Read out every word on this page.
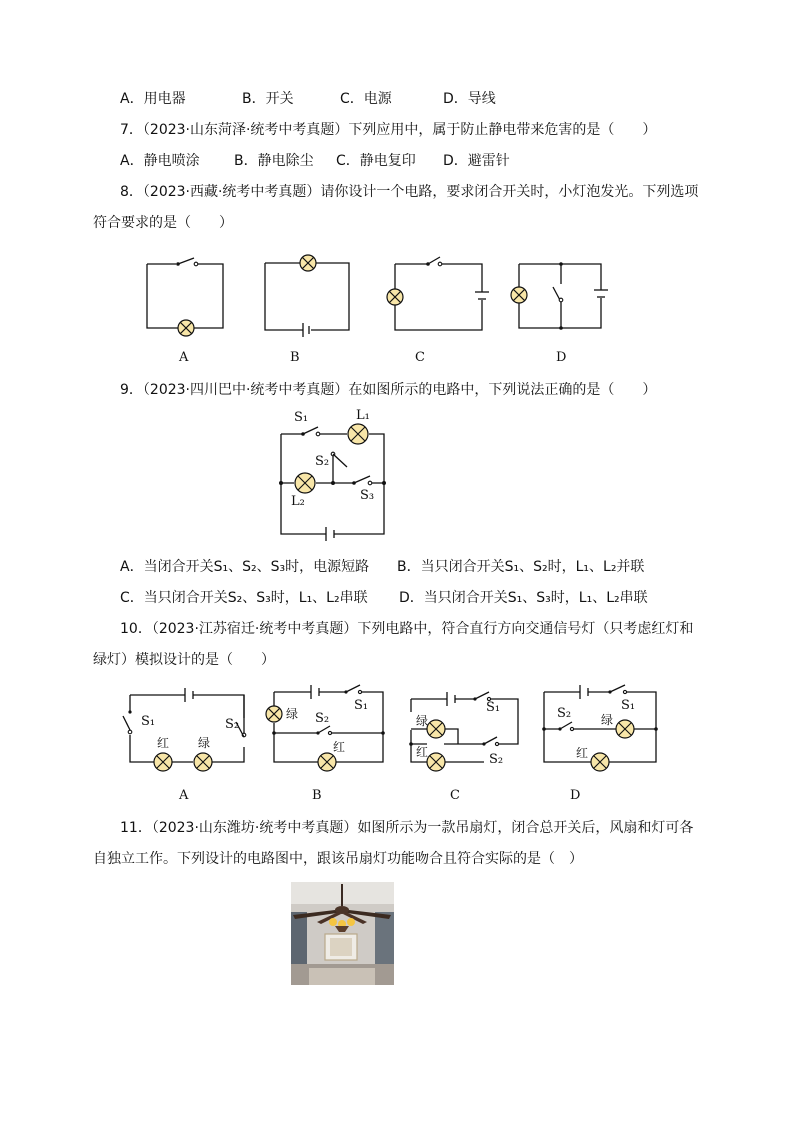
A．用电器	B．开关	C．电源	D．导线
7．（2023·山东菏泽·统考中考真题）下列应用中，属于防止静电带来危害的是（　　）
A．静电喷涂 B．静电除尘 C．静电复印 D．避雷针
8．（2023·西藏·统考中考真题）请你设计一个电路，要求闭合开关时，小灯泡发光。下列选项
符合要求的是（　　）
A	B	C	D
9．（2023·四川巴中·统考中考真题）在如图所示的电路中，下列说法正确的是（　　）
S₁	L₁
S₂
L₂	S₃
A．当闭合开关S₁、S₂、S₃时，电源短路 B．当只闭合开关S₁、S₂时，L₁、L₂并联
C．当只闭合开关S₂、S₃时，L₁、L₂串联 D．当只闭合开关S₁、S₃时，L₁、L₂串联
10．（2023·江苏宿迁·统考中考真题）下列电路中，符合直行方向交通信号灯（只考虑红灯和
绿灯）模拟设计的是（　　）
S₁	S₂
红 绿
绿
S₁
S₂
红
S₁
绿
红	S₂
S₂ 绿
S₁
红
A	B	C	D
11．（2023·山东潍坊·统考中考真题）如图所示为一款吊扇灯，闭合总开关后，风扇和灯可各
自独立工作。下列设计的电路图中，跟该吊扇灯功能吻合且符合实际的是（　）
